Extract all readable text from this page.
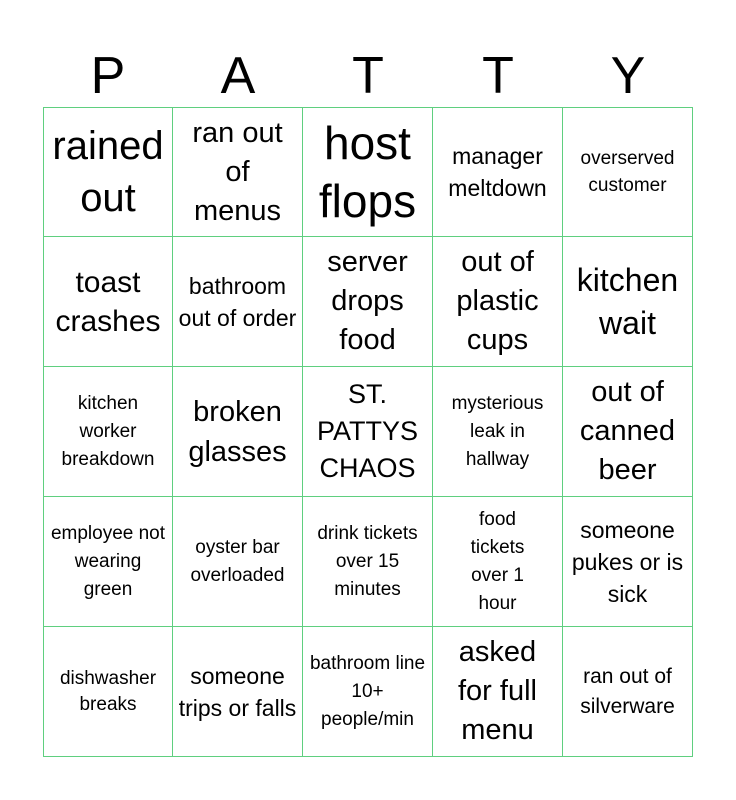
P	A	T	T	Y
rained out
ran out of menus
host flops
manager meltdown
overserved customer
toast crashes
bathroom out of order
server drops food
out of plastic cups
kitchen wait
kitchen worker breakdown
broken glasses
ST. PATTYS CHAOS
mysterious leak in hallway
out of canned beer
employee not wearing green
oyster bar overloaded
drink tickets over 15 minutes
food tickets over 1 hour
someone pukes or is sick
dishwasher breaks
someone trips or falls
bathroom line 10+ people/min
asked for full menu
ran out of silverware
